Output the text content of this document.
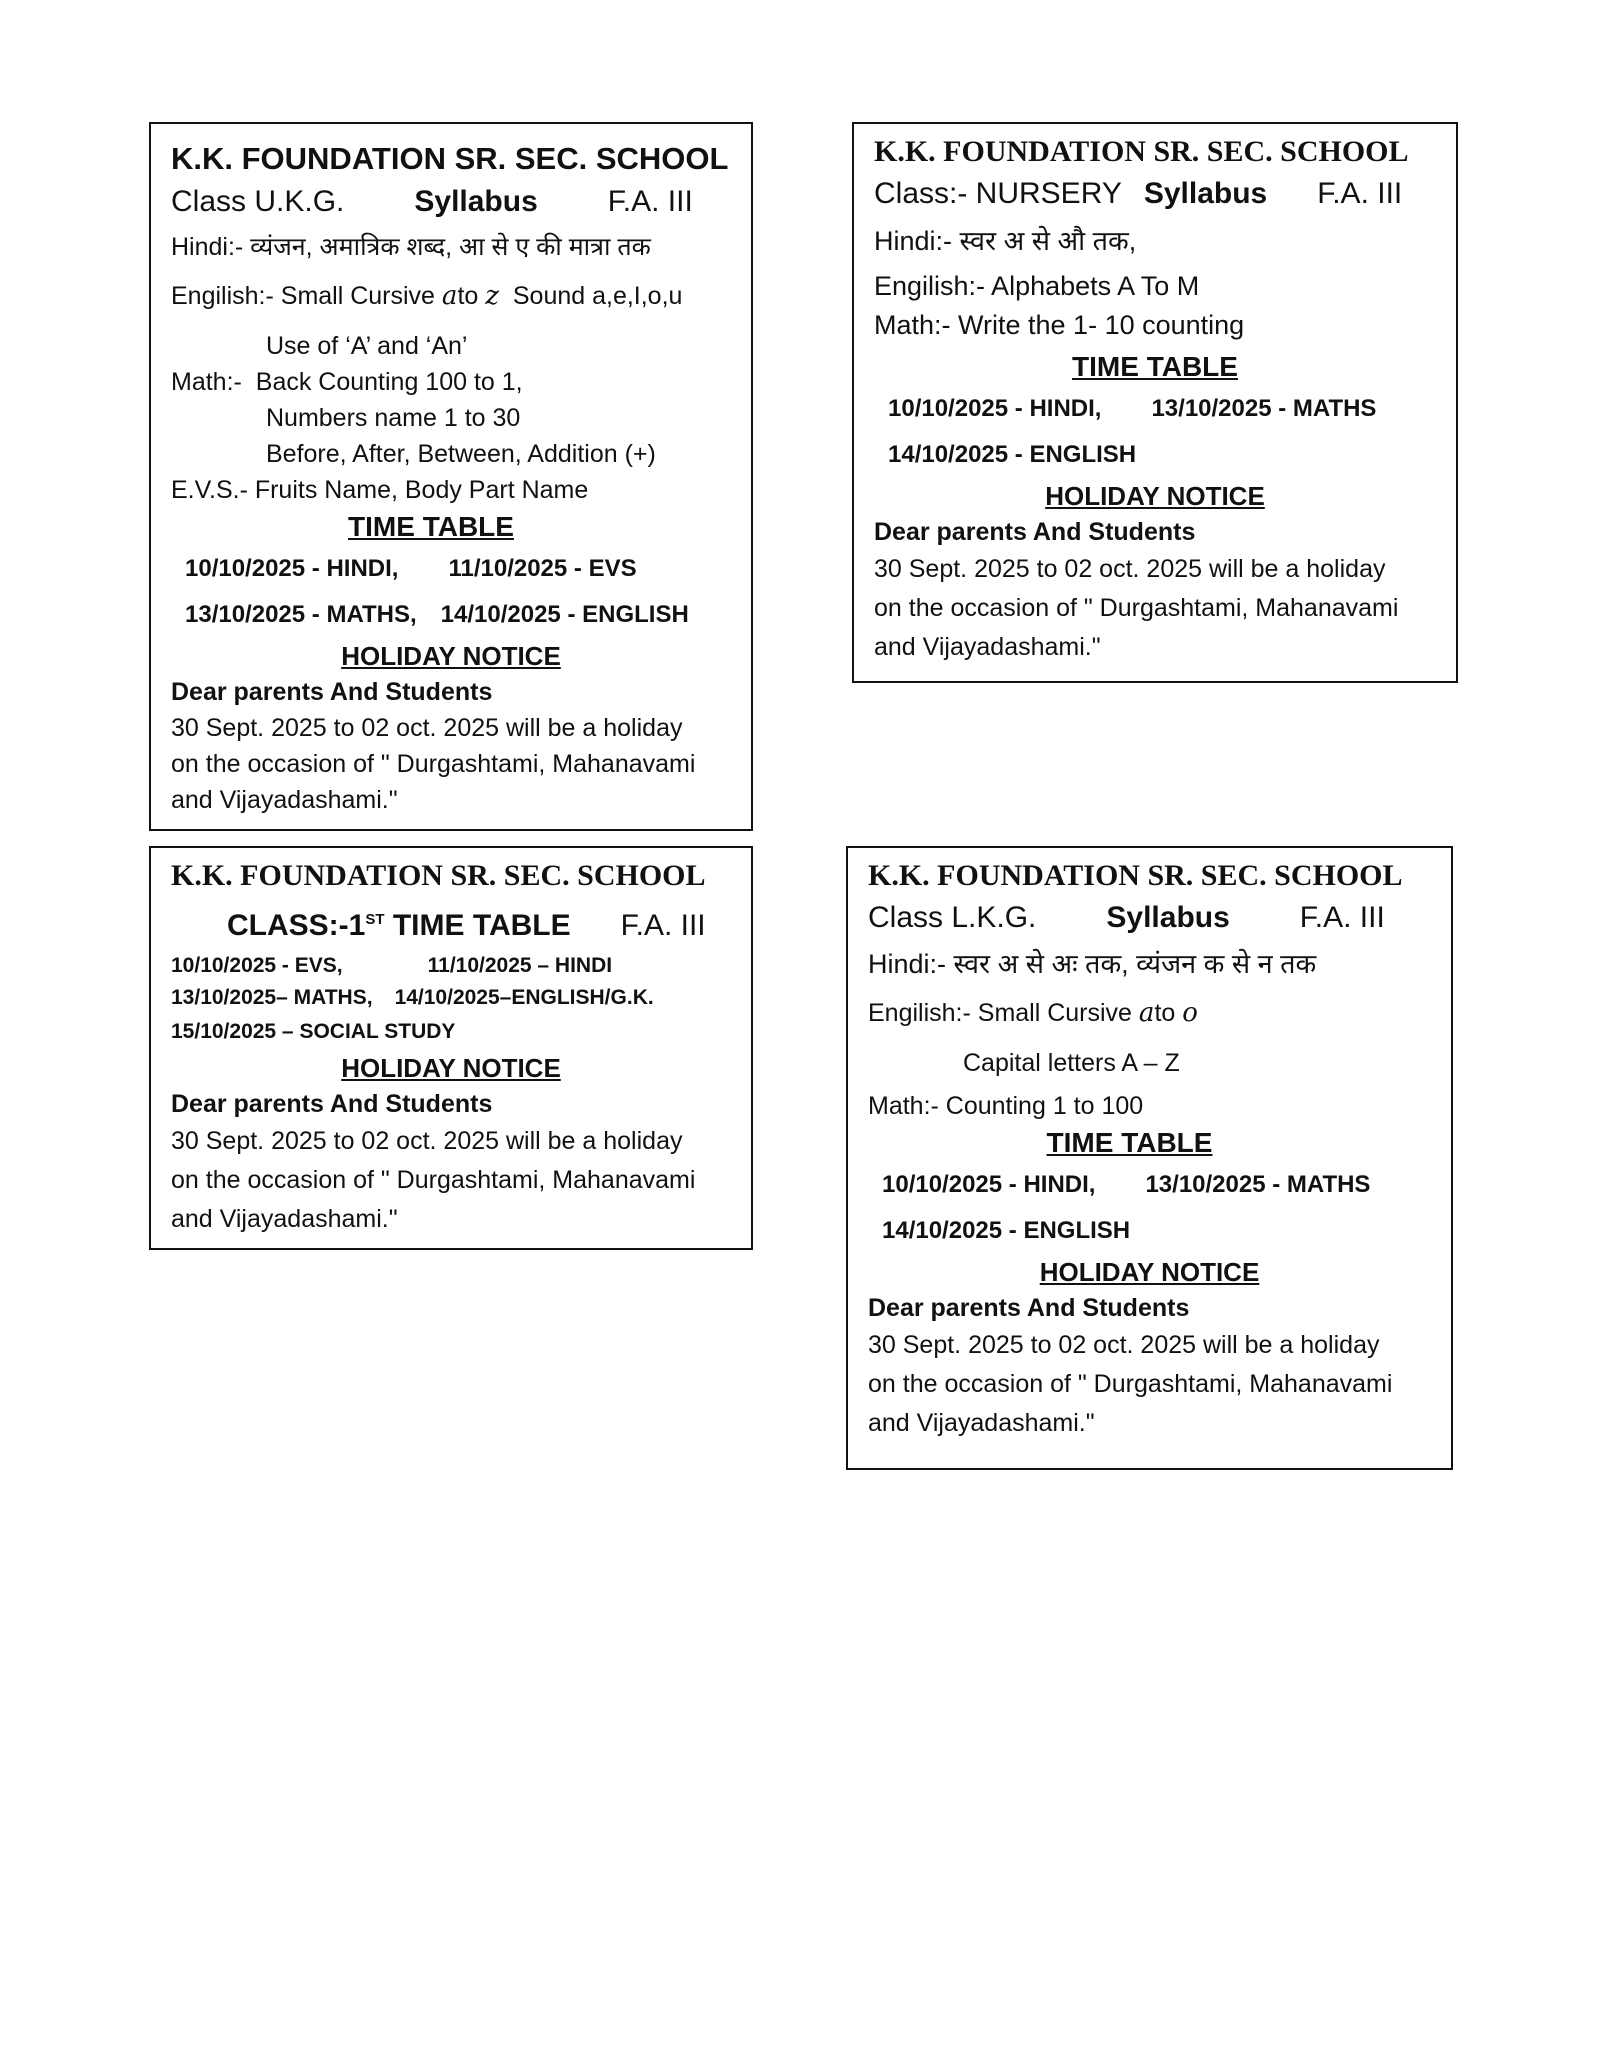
K.K. FOUNDATION SR. SEC. SCHOOL
Class U.K.G. Syllabus F.A. III
Hindi:- व्यंजन, अमात्रिक शब्द, आ से ए की मात्रा तक
Engilish:- Small Cursive ato z Sound a,e,I,o,u
Use of ‘A’ and ‘An’
Math:- Back Counting 100 to 1,
Numbers name 1 to 30
Before, After, Between, Addition (+)
E.V.S.- Fruits Name, Body Part Name
TIME TABLE
10/10/2025 - HINDI, 11/10/2025 - EVS
13/10/2025 - MATHS, 14/10/2025 - ENGLISH
HOLIDAY NOTICE
Dear parents And Students
30 Sept. 2025 to 02 oct. 2025 will be a holiday
on the occasion of " Durgashtami, Mahanavami
and Vijayadashami."
K.K. FOUNDATION SR. SEC. SCHOOL
Class:- NURSERY Syllabus F.A. III
Hindi:- स्वर अ से औ तक,
Engilish:- Alphabets A To M
Math:- Write the 1- 10 counting
TIME TABLE
10/10/2025 - HINDI, 13/10/2025 - MATHS
14/10/2025 - ENGLISH
HOLIDAY NOTICE
Dear parents And Students
30 Sept. 2025 to 02 oct. 2025 will be a holiday
on the occasion of " Durgashtami, Mahanavami
and Vijayadashami."
K.K. FOUNDATION SR. SEC. SCHOOL
CLASS:-1ST TIME TABLE F.A. III
10/10/2025 - EVS,	11/10/2025 – HINDI
13/10/2025– MATHS, 14/10/2025–ENGLISH/G.K.
15/10/2025 – SOCIAL STUDY
HOLIDAY NOTICE
Dear parents And Students
30 Sept. 2025 to 02 oct. 2025 will be a holiday
on the occasion of " Durgashtami, Mahanavami
and Vijayadashami."
K.K. FOUNDATION SR. SEC. SCHOOL
Class L.K.G. Syllabus F.A. III
Hindi:- स्वर अ से अः तक, व्यंजन क से न तक
Engilish:- Small Cursive ato o
Capital letters A – Z
Math:- Counting 1 to 100
TIME TABLE
10/10/2025 - HINDI, 13/10/2025 - MATHS
14/10/2025 - ENGLISH
HOLIDAY NOTICE
Dear parents And Students
30 Sept. 2025 to 02 oct. 2025 will be a holiday
on the occasion of " Durgashtami, Mahanavami
and Vijayadashami."
